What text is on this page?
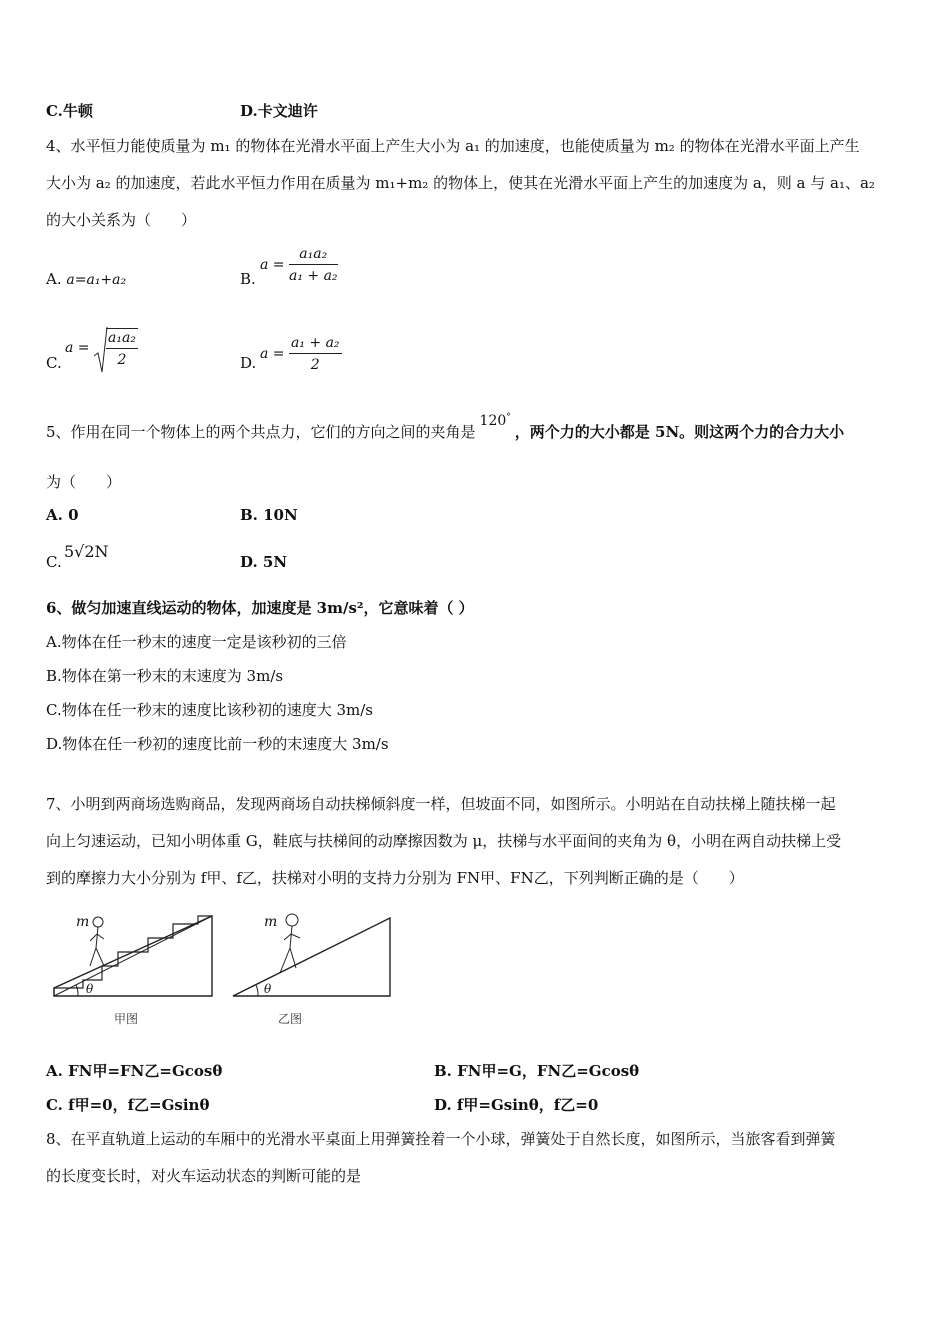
C.牛顿	D.卡文迪许
4、水平恒力能使质量为 m₁ 的物体在光滑水平面上产生大小为 a₁ 的加速度，也能使质量为 m₂ 的物体在光滑水平面上产生
大小为 a₂ 的加速度，若此水平恒力作用在质量为 m₁+m₂ 的物体上，使其在光滑水平面上产生的加速度为 a，则 a 与 a₁、a₂
的大小关系为（　　）
A. a=a₁+a₂	B.
$a = \frac{\text{a₁a₂}}{\text{a₁ + a₂}}$
C.
$a = \frac{\text{a₁a₂}}{2}$	D. $a = \frac{\text{a₁ + a₂}}{2}$
5、作用在同一个物体上的两个共点力，它们的方向之间的夹角是120°，两个力的大小都是 5N。则这两个力的合力大小
为（　　）
A. 0	B. 10N
C.
5√2N
D. 5N
6、做匀加速直线运动的物体，加速度是 3m/s²，它意味着（ ）
A.物体在任一秒末的速度一定是该秒初的三倍
B.物体在第一秒末的末速度为 3m/s
C.物体在任一秒末的速度比该秒初的速度大 3m/s
D.物体在任一秒初的速度比前一秒的末速度大 3m/s
7、小明到两商场选购商品，发现两商场自动扶梯倾斜度一样，但坡面不同，如图所示。小明站在自动扶梯上随扶梯一起
向上匀速运动，已知小明体重 G，鞋底与扶梯间的动摩擦因数为 μ，扶梯与水平面间的夹角为 θ，小明在两自动扶梯上受
到的摩擦力大小分别为 f甲、f乙，扶梯对小明的支持力分别为 FN甲、FN乙，下列判断正确的是（　　）
m
θ
甲图
m
θ
乙图
A. FN甲=FN乙=Gcosθ	B. FN甲=G，FN乙=Gcosθ
C. f甲=0，f乙=Gsinθ	D. f甲=Gsinθ，f乙=0
8、在平直轨道上运动的车厢中的光滑水平桌面上用弹簧拴着一个小球，弹簧处于自然长度，如图所示，当旅客看到弹簧
的长度变长时，对火车运动状态的判断可能的是
